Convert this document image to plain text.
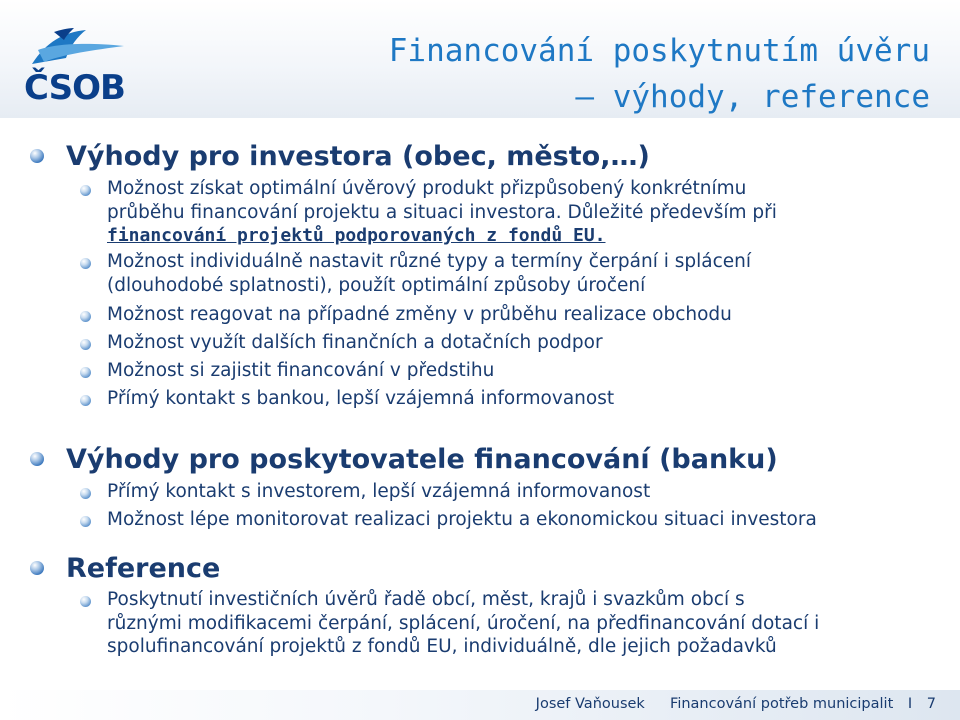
ČSOB
Financování poskytnutím úvěru
– výhody, reference
Výhody pro investora (obec, město,…)
Možnost získat optimální úvěrový produkt přizpůsobený konkrétnímu
průběhu financování projektu a situaci investora. Důležité především při
financování projektů podporovaných z fondů EU.
Možnost individuálně nastavit různé typy a termíny čerpání i splácení
(dlouhodobé splatnosti), použít optimální způsoby úročení
Možnost reagovat na případné změny v průběhu realizace obchodu
Možnost využít dalších finančních a dotačních podpor
Možnost si zajistit financování v předstihu
Přímý kontakt s bankou, lepší vzájemná informovanost
Výhody pro poskytovatele financování (banku)
Přímý kontakt s investorem, lepší vzájemná informovanost
Možnost lépe monitorovat realizaci projektu a ekonomickou situaci investora
Reference
Poskytnutí investičních úvěrů řadě obcí, měst, krajů i svazkům obcí s
různými modifikacemi čerpání, splácení, úročení, na předfinancování dotací i
spolufinancování projektů z fondů EU, individuálně, dle jejich požadavků
Josef Vaňousek Financování potřeb municipalit I 7
